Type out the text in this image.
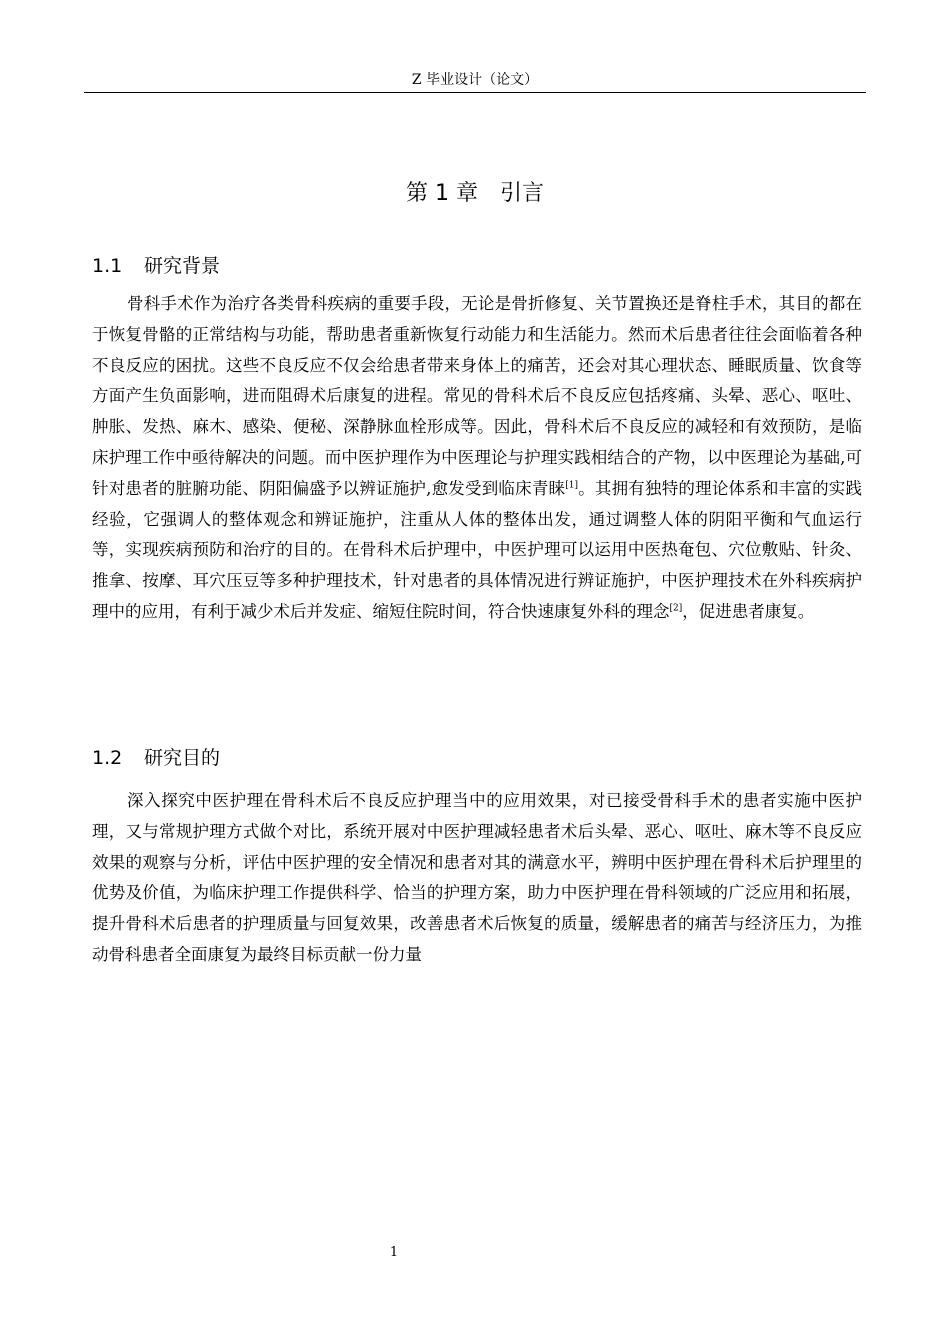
Z 毕业设计（论文）
第 1 章　引言
1.1 研究背景

骨科手术作为治疗各类骨科疾病的重要手段，无论是骨折修复、关节置换还是脊柱手术，其目的都在于恢复骨骼的正常结构与功能，帮助患者重新恢复行动能力和生活能力。然而术后患者往往会面临着各种不良反应的困扰。这些不良反应不仅会给患者带来身体上的痛苦，还会对其心理状态、睡眠质量、饮食等方面产生负面影响，进而阻碍术后康复的进程。常见的骨科术后不良反应包括疼痛、头晕、恶心、呕吐、肿胀、发热、麻木、感染、便秘、深静脉血栓形成等。因此，骨科术后不良反应的减轻和有效预防，是临床护理工作中亟待解决的问题。而中医护理作为中医理论与护理实践相结合的产物，以中医理论为基础,可针对患者的脏腑功能、阴阳偏盛予以辨证施护,愈发受到临床青睐[1]。其拥有独特的理论体系和丰富的实践经验，它强调人的整体观念和辨证施护，注重从人体的整体出发，通过调整人体的阴阳平衡和气血运行等，实现疾病预防和治疗的目的。在骨科术后护理中，中医护理可以运用中医热奄包、穴位敷贴、针灸、推拿、按摩、耳穴压豆等多种护理技术，针对患者的具体情况进行辨证施护，中医护理技术在外科疾病护理中的应用，有利于减少术后并发症、缩短住院时间，符合快速康复外科的理念[2]，促进患者康复。

1.2 研究目的

深入探究中医护理在骨科术后不良反应护理当中的应用效果，对已接受骨科手术的患者实施中医护理，又与常规护理方式做个对比，系统开展对中医护理减轻患者术后头晕、恶心、呕吐、麻木等不良反应效果的观察与分析，评估中医护理的安全情况和患者对其的满意水平，辨明中医护理在骨科术后护理里的优势及价值，为临床护理工作提供科学、恰当的护理方案，助力中医护理在骨科领域的广泛应用和拓展，提升骨科术后患者的护理质量与回复效果，改善患者术后恢复的质量，缓解患者的痛苦与经济压力，为推动骨科患者全面康复为最终目标贡献一份力量

1
